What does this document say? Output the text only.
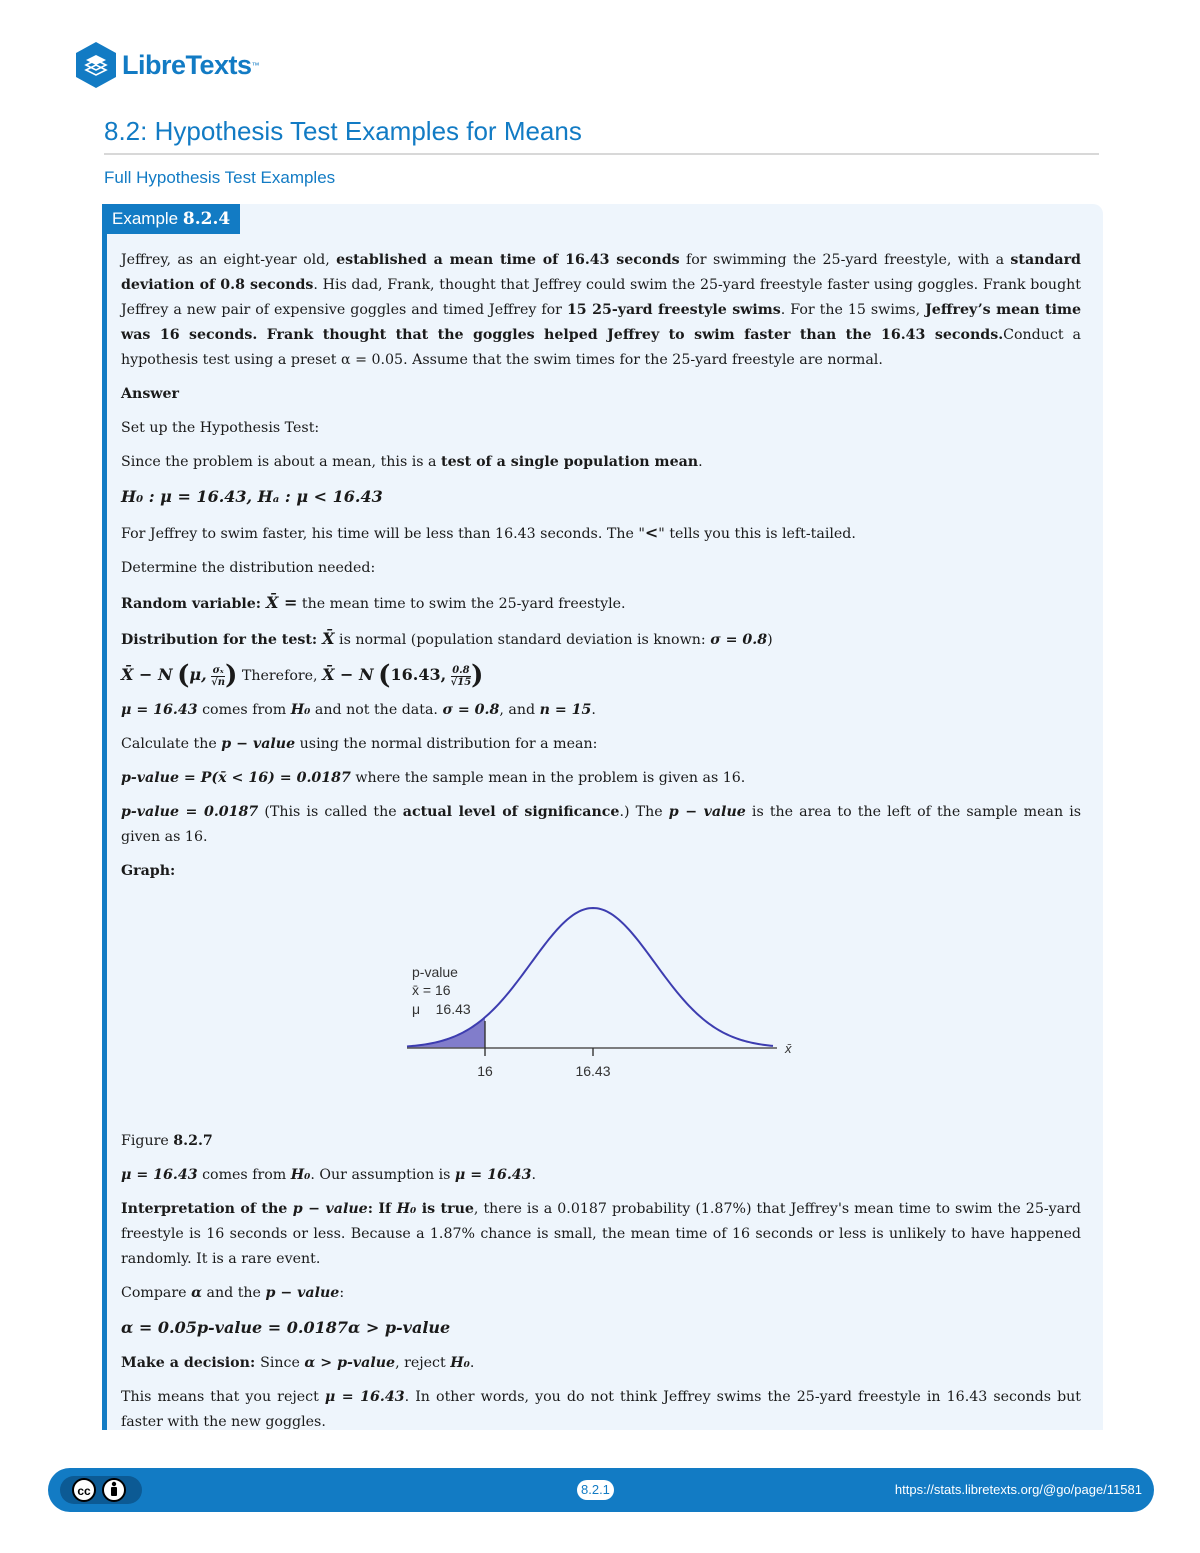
LibreTexts ™
8.2: Hypothesis Test Examples for Means
Full Hypothesis Test Examples
Example 8.2.4

Jeffrey, as an eight-year old, established a mean time of 16.43 seconds for swimming the 25-yard freestyle, with a standard deviation of 0.8 seconds. His dad, Frank, thought that Jeffrey could swim the 25-yard freestyle faster using goggles. Frank bought Jeffrey a new pair of expensive goggles and timed Jeffrey for 15 25-yard freestyle swims. For the 15 swims, Jeffrey’s mean time was 16 seconds. Frank thought that the goggles helped Jeffrey to swim faster than the 16.43 seconds.Conduct a hypothesis test using a preset α = 0.05. Assume that the swim times for the 25-yard freestyle are normal.

Answer

Set up the Hypothesis Test:

Since the problem is about a mean, this is a test of a single population mean.

H₀ : μ = 16.43, Hₐ : μ < 16.43

For Jeffrey to swim faster, his time will be less than 16.43 seconds. The "<" tells you this is left-tailed.

Determine the distribution needed:

Random variable: X̄ = the mean time to swim the 25-yard freestyle.

Distribution for the test: X̄ is normal (population standard deviation is known: σ = 0.8)

X̄ − N (μ, $\frac{\text{σₓ}}{√n}$ ) Therefore, X̄ − N (16.43, $\frac{0.8}{√15}$ )

μ = 16.43 comes from H₀ and not the data. σ = 0.8, and n = 15.

Calculate the p − value using the normal distribution for a mean:

p-value = P(x̄ < 16) = 0.0187 where the sample mean in the problem is given as 16.

p-value = 0.0187 (This is called the actual level of significance.) The p − value is the area to the left of the sample mean is given as 16.

Graph:

p-value
x̄ = 16
μ    16.43
x̄
16	16.43

Figure 8.2.7

μ = 16.43 comes from H₀. Our assumption is μ = 16.43.

Interpretation of the p − value: If H₀ is true, there is a 0.0187 probability (1.87%) that Jeffrey's mean time to swim the 25-yard freestyle is 16 seconds or less. Because a 1.87% chance is small, the mean time of 16 seconds or less is unlikely to have happened randomly. It is a rare event.

Compare α and the p − value:

α = 0.05p-value = 0.0187α > p-value

Make a decision: Since α > p-value, reject H₀.

This means that you reject μ = 16.43. In other words, you do not think Jeffrey swims the 25-yard freestyle in 16.43 seconds but faster with the new goggles.

cc	8.2.1	https://stats.libretexts.org/@go/page/11581
